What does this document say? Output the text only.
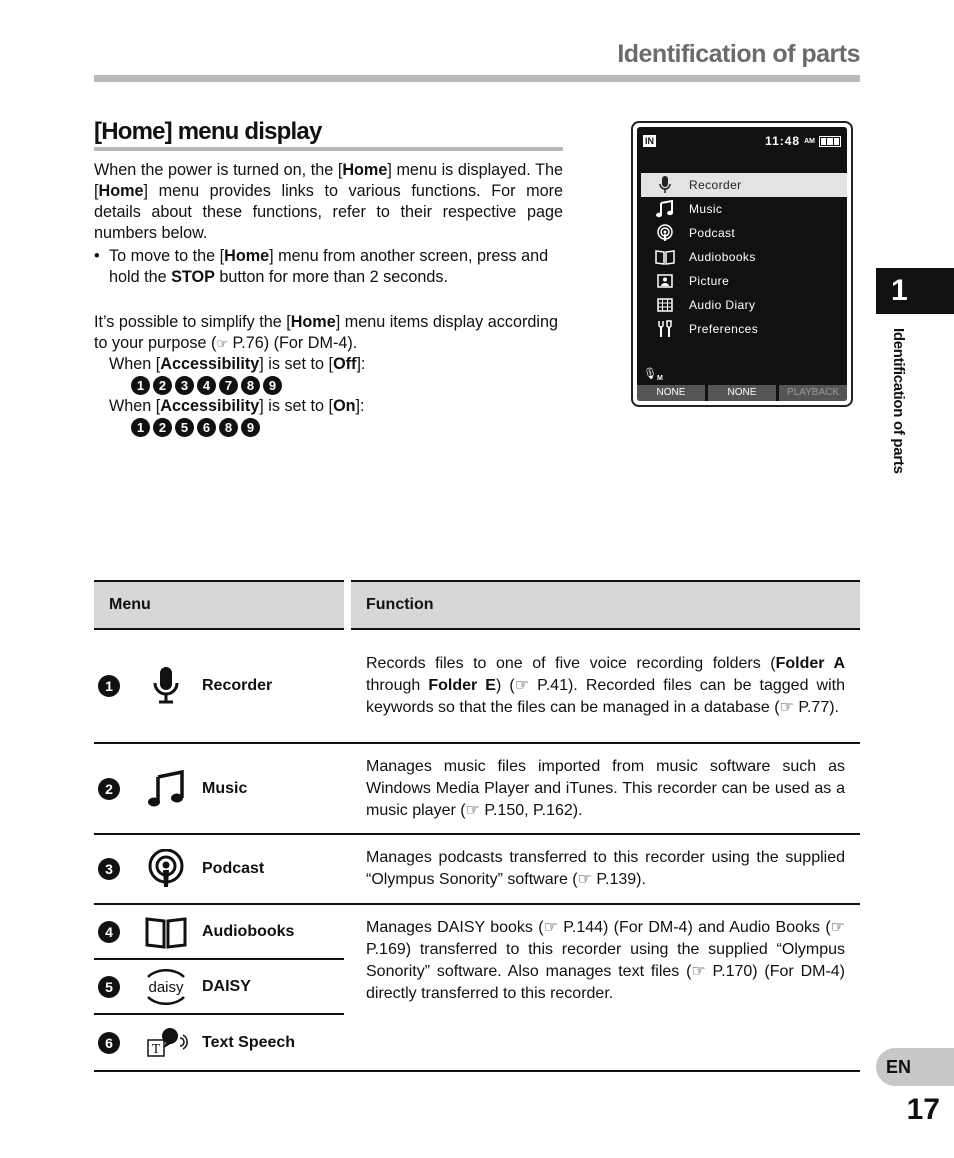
Identification of parts
[Home] menu display

When the power is turned on, the [Home] menu is displayed. The [Home] menu provides links to various functions. For more details about these functions, refer to their respective page numbers below.

• To move to the [Home] menu from another screen, press and hold the STOP button for more than 2 seconds.

It’s possible to simplify the [Home] menu items display according to your purpose (☞ P.76) (For DM-4).

When [Accessibility] is set to [Off]:

1	2	3	4	7	8	9

When [Accessibility] is set to [On]:

1	2	5	6	8	9
IN	11:48 AM
Recorder
Music
Podcast
Audiobooks
Picture
Audio Diary
Preferences
$🎙_M$
NONE	NONE	PLAYBACK
1
Identification of parts
Menu	Function
1	Recorder
Records files to one of five voice recording folders (Folder A through Folder E) (☞ P.41). Recorded files can be tagged with keywords so that the files can be managed in a database (☞ P.77).
2	Music
Manages music files imported from music software such as Windows Media Player and iTunes. This recorder can be used as a music player (☞ P.150, P.162).
3	Podcast
Manages podcasts transferred to this recorder using the supplied “Olympus Sonority” software (☞ P.139).
4	Audiobooks
5	daisy DAISY
6	T	Text Speech
Manages DAISY books (☞ P.144) (For DM-4) and Audio Books (☞ P.169) transferred to this recorder using the supplied “Olympus Sonority” software. Also manages text files (☞ P.170) (For DM-4) directly transferred to this recorder.
EN
17
